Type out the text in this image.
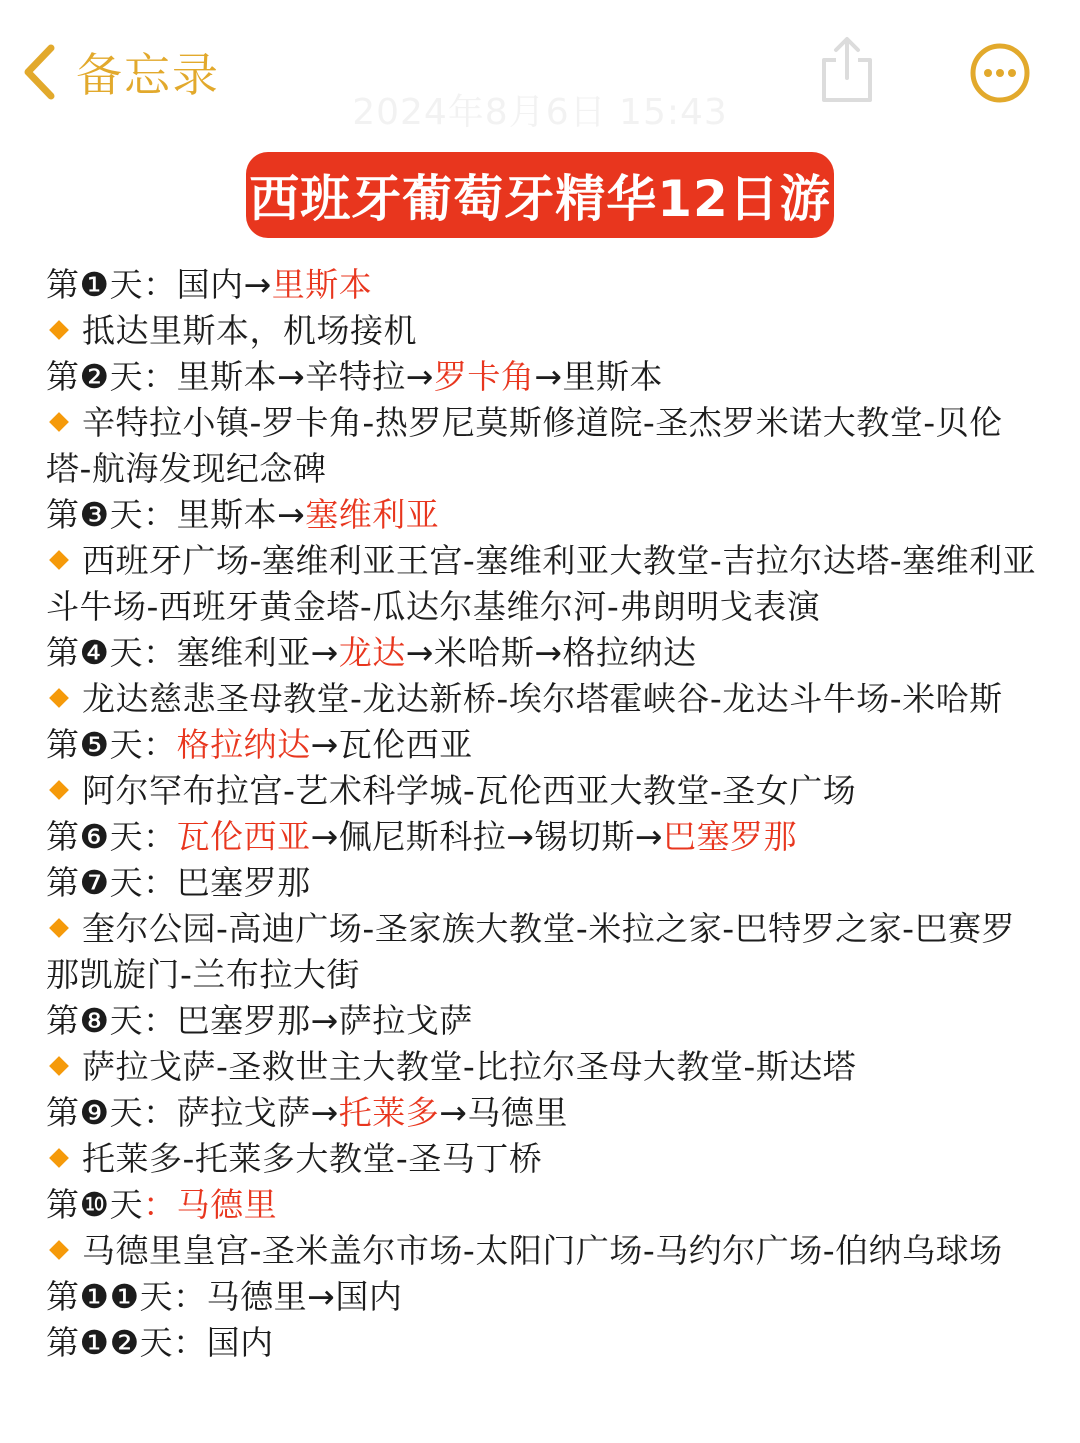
备忘录
2024年8月6日 15:43
西班牙葡萄牙精华12日游
第❶天：国内→里斯本
抵达里斯本，机场接机
第❷天：里斯本→辛特拉→罗卡角→里斯本
辛特拉小镇-罗卡角-热罗尼莫斯修道院-圣杰罗米诺大教堂-贝伦塔-航海发现纪念碑
第❸天：里斯本→塞维利亚
西班牙广场-塞维利亚王宫-塞维利亚大教堂-吉拉尔达塔-塞维利亚斗牛场-西班牙黄金塔-瓜达尔基维尔河-弗朗明戈表演
第❹天：塞维利亚→龙达→米哈斯→格拉纳达
龙达慈悲圣母教堂-龙达新桥-埃尔塔霍峡谷-龙达斗牛场-米哈斯
第❺天：格拉纳达→瓦伦西亚
阿尔罕布拉宫-艺术科学城-瓦伦西亚大教堂-圣女广场
第❻天：瓦伦西亚→佩尼斯科拉→锡切斯→巴塞罗那
第❼天：巴塞罗那
奎尔公园-高迪广场-圣家族大教堂-米拉之家-巴特罗之家-巴赛罗那凯旋门-兰布拉大街
第❽天：巴塞罗那→萨拉戈萨
萨拉戈萨-圣救世主大教堂-比拉尔圣母大教堂-斯达塔
第❾天：萨拉戈萨→托莱多→马德里
托莱多-托莱多大教堂-圣马丁桥
第❿天：马德里
马德里皇宫-圣米盖尔市场-太阳门广场-马约尔广场-伯纳乌球场
第❶❶天：马德里→国内
第❶❷天：国内
